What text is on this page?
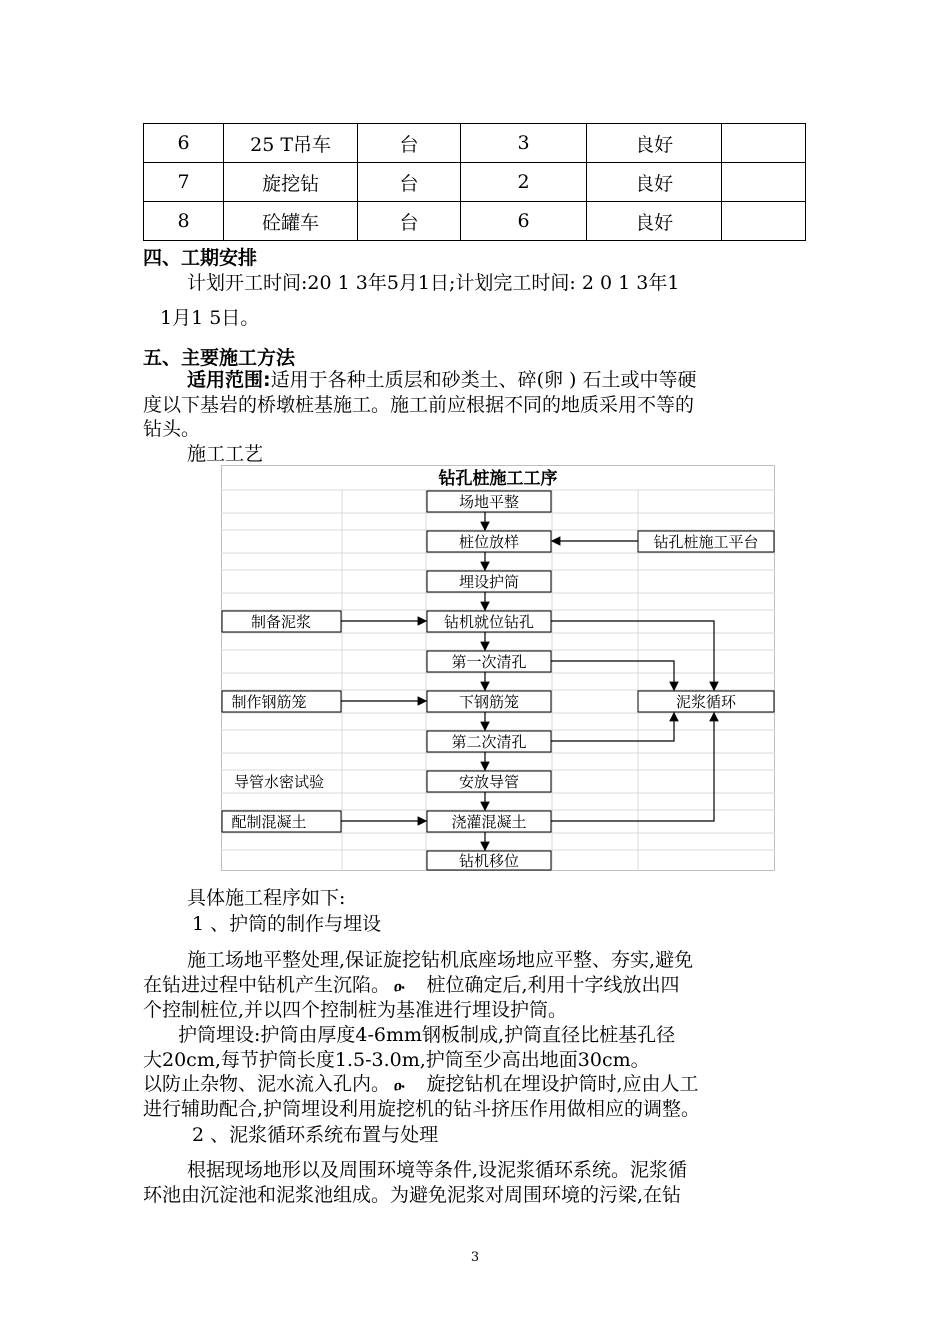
6	25 T吊车	台	3	良好	
7	旋挖钻	台	2	良好	
8	砼罐车	台	6	良好	
四、工期安排
计划开工时间:20 1 3年5月1日;计划完工时间: 2 0 1 3年1
1月1 5日。
五、主要施工方法
适用范围:适用于各种土质层和砂类土、碎(卵 ) 石土或中等硬
度以下基岩的桥墩桩基施工。施工前应根据不同的地质采用不等的
钻头。
施工工艺
钻孔桩施工工序
场地平整
桩位放样
埋设护筒
钻机就位钻孔
第一次清孔
下钢筋笼
第二次清孔
安放导管
浇灌混凝土
钻机移位
制备泥浆
制作钢筋笼
导管水密试验
配制混凝土
钻孔桩施工平台
泥浆循环
具体施工程序如下:
1 、护筒的制作与埋设
施工场地平整处理,保证旋挖钻机底座场地应平整、夯实,避免
在钻进过程中钻机产生沉陷。 ዑ 桩位确定后,利用十字线放出四
个控制桩位,并以四个控制桩为基准进行埋设护筒。
护筒埋设:护筒由厚度4-6mm钢板制成,护筒直径比桩基孔径
大20cm,每节护筒长度1.5-3.0m,护筒至少高出地面30cm。
以防止杂物、泥水流入孔内。 ዑ 旋挖钻机在埋设护筒时,应由人工
进行辅助配合,护筒埋设利用旋挖机的钻斗挤压作用做相应的调整。
2 、泥浆循环系统布置与处理
根据现场地形以及周围环境等条件,设泥浆循环系统。泥浆循
环池由沉淀池和泥浆池组成。为避免泥浆对周围环境的污梁,在钻
3
